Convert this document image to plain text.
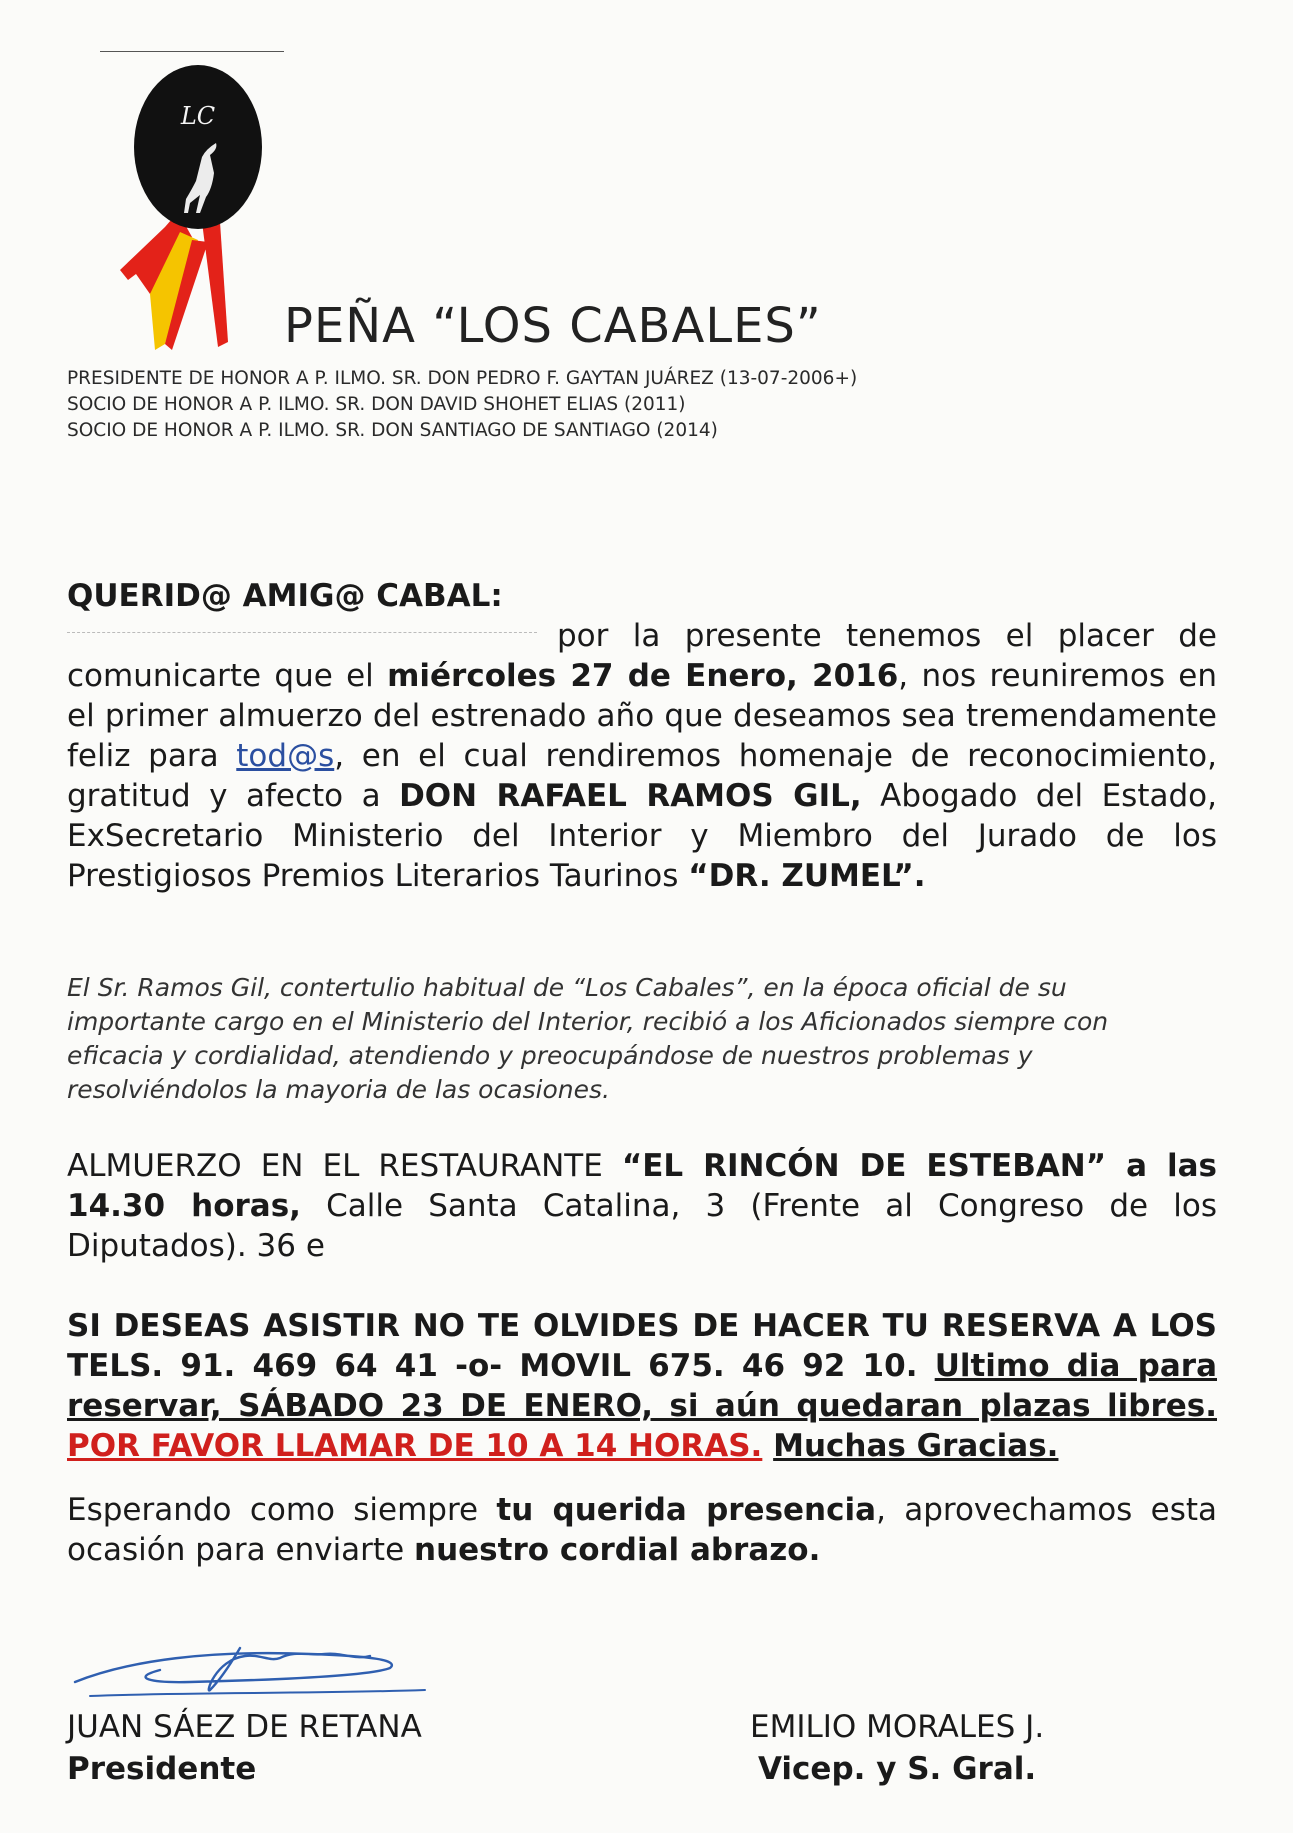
LC
PEÑA “LOS CABALES”
PRESIDENTE DE HONOR A P. ILMO. SR. DON PEDRO F. GAYTAN JUÁREZ (13-07-2006+)
SOCIO DE HONOR A P. ILMO. SR. DON DAVID SHOHET ELIAS (2011)
SOCIO DE HONOR A P. ILMO. SR. DON SANTIAGO DE SANTIAGO (2014)
QUERID@ AMIG@ CABAL:
por la presente tenemos el placer de comunicarte que el miércoles 27 de Enero, 2016, nos reuniremos en el primer almuerzo del estrenado año que deseamos sea tremendamente feliz para tod@s, en el cual rendiremos homenaje de reconocimiento, gratitud y afecto a DON RAFAEL RAMOS GIL, Abogado del Estado, ExSecretario Ministerio del Interior y Miembro del Jurado de los Prestigiosos Premios Literarios Taurinos “DR. ZUMEL”.
El Sr. Ramos Gil, contertulio habitual de “Los Cabales”, en la época oficial de su importante cargo en el Ministerio del Interior, recibió a los Aficionados siempre con eficacia y cordialidad, atendiendo y preocupándose de nuestros problemas y resolviéndolos la mayoria de las ocasiones.
ALMUERZO EN EL RESTAURANTE “EL RINCÓN DE ESTEBAN” a las 14.30 horas, Calle Santa Catalina, 3 (Frente al Congreso de los Diputados). 36 e
SI DESEAS ASISTIR NO TE OLVIDES DE HACER TU RESERVA A LOS TELS. 91. 469 64 41 -o- MOVIL 675. 46 92 10. Ultimo dia para reservar, SÁBADO 23 DE ENERO, si aún quedaran plazas libres. POR FAVOR LLAMAR DE 10 A 14 HORAS. Muchas Gracias.
Esperando como siempre tu querida presencia, aprovechamos esta ocasión para enviarte nuestro cordial abrazo.
JUAN SÁEZ DE RETANA
Presidente
EMILIO MORALES J.
Vicep. y S. Gral.
